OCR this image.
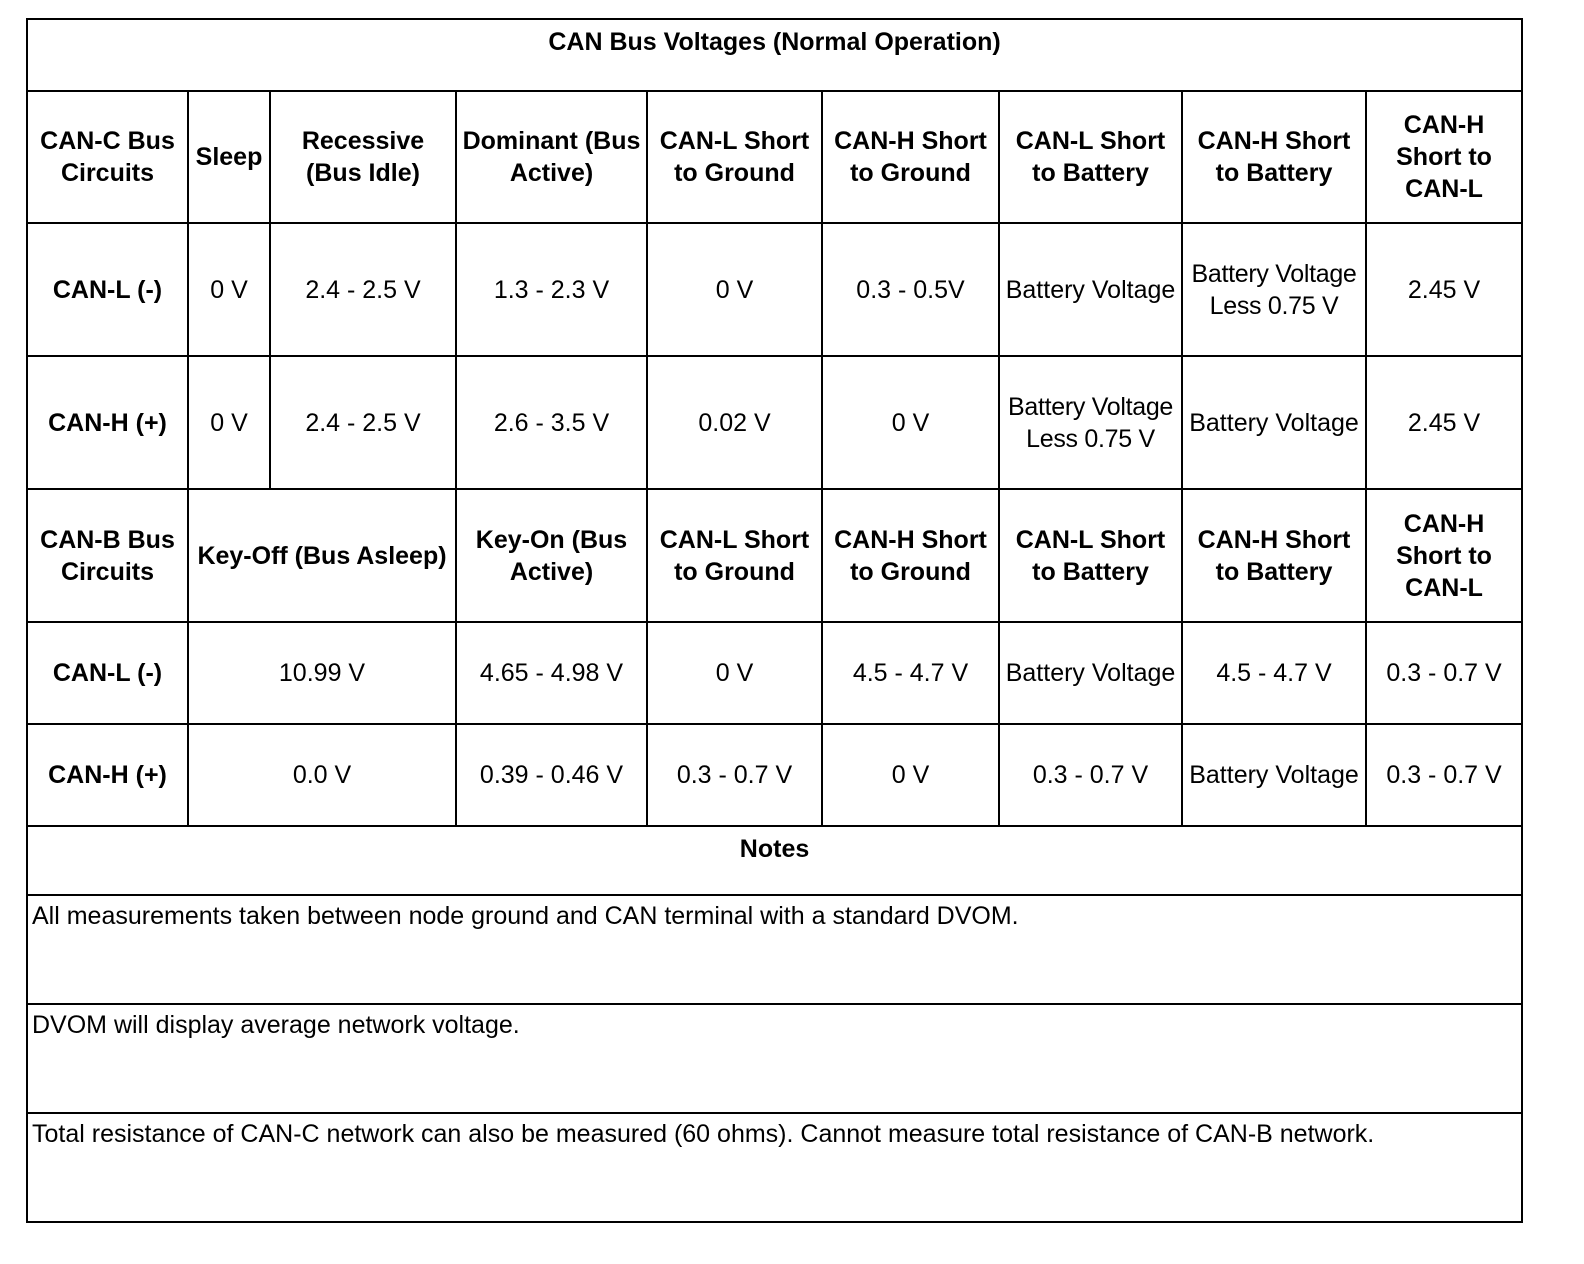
CAN Bus Voltages (Normal Operation)								
CAN-C Bus Circuits	Sleep	Recessive (Bus Idle)	Dominant (Bus Active)	CAN-L Short to Ground	CAN-H Short to Ground	CAN-L Short to Battery	CAN-H Short to Battery	CAN-H Short to CAN-L
CAN-L (-)	0 V	2.4 - 2.5 V	1.3 - 2.3 V	0 V	0.3 - 0.5V	Battery Voltage	Battery Voltage Less 0.75 V	2.45 V
CAN-H (+)	0 V	2.4 - 2.5 V	2.6 - 3.5 V	0.02 V	0 V	Battery Voltage Less 0.75 V	Battery Voltage	2.45 V
CAN-B Bus Circuits	Key-Off (Bus Asleep)		Key-On (Bus Active)	CAN-L Short to Ground	CAN-H Short to Ground	CAN-L Short to Battery	CAN-H Short to Battery	CAN-H Short to CAN-L
CAN-L (-)	10.99 V		4.65 - 4.98 V	0 V	4.5 - 4.7 V	Battery Voltage	4.5 - 4.7 V	0.3 - 0.7 V
CAN-H (+)	0.0 V		0.39 - 0.46 V	0.3 - 0.7 V	0 V	0.3 - 0.7 V	Battery Voltage	0.3 - 0.7 V
Notes								
All measurements taken between node ground and CAN terminal with a standard DVOM.								
DVOM will display average network voltage.								
Total resistance of CAN-C network can also be measured (60 ohms). Cannot measure total resistance of CAN-B network.								
